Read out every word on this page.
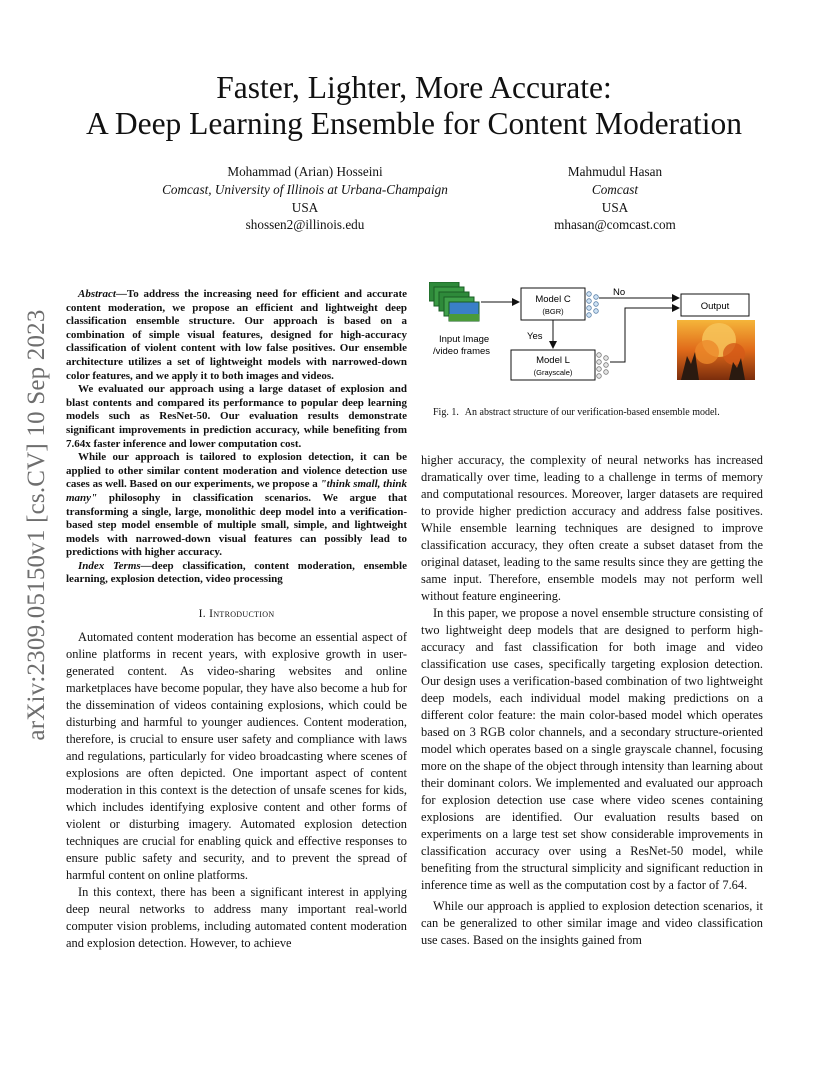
arXiv:2309.05150v1 [cs.CV] 10 Sep 2023
Faster, Lighter, More Accurate:
A Deep Learning Ensemble for Content Moderation
Mohammad (Arian) Hosseini
Comcast, University of Illinois at Urbana-Champaign
USA
shossen2@illinois.edu
Mahmudul Hasan
Comcast
USA
mhasan@comcast.com

Abstract—To address the increasing need for efficient and accurate content moderation, we propose an efficient and lightweight deep classification ensemble structure. Our approach is based on a combination of simple visual features, designed for high-accuracy classification of violent content with low false positives. Our ensemble architecture utilizes a set of lightweight models with narrowed-down color features, and we apply it to both images and videos.

We evaluated our approach using a large dataset of explosion and blast contents and compared its performance to popular deep learning models such as ResNet-50. Our evaluation results demonstrate significant improvements in prediction accuracy, while benefiting from 7.64x faster inference and lower computation cost.

While our approach is tailored to explosion detection, it can be applied to other similar content moderation and violence detection use cases as well. Based on our experiments, we propose a "think small, think many" philosophy in classification scenarios. We argue that transforming a single, large, monolithic deep model into a verification-based step model ensemble of multiple small, simple, and lightweight models with narrowed-down visual features can possibly lead to predictions with higher accuracy.

Index Terms—deep classification, content moderation, ensemble learning, explosion detection, video processing

I. Introduction

Automated content moderation has become an essential aspect of online platforms in recent years, with explosive growth in user-generated content. As video-sharing websites and online marketplaces have become popular, they have also become a hub for the dissemination of videos containing explosions, which could be disturbing and harmful to younger audiences. Content moderation, therefore, is crucial to ensure user safety and compliance with laws and regulations, particularly for video broadcasting where scenes of explosions are often depicted. One important aspect of content moderation in this context is the detection of unsafe scenes for kids, which includes identifying explosive content and other forms of violent or disturbing imagery. Automated explosion detection techniques are crucial for enabling quick and effective responses to ensure public safety and security, and to prevent the spread of harmful content on online platforms.

In this context, there has been a significant interest in applying deep neural networks to address many important real-world computer vision problems, including automated content moderation and explosion detection. However, to achieve

Input Image
/video frames
Model C
(BGR)
No
Output
Yes
Model L
(Grayscale)
Fig. 1. An abstract structure of our verification-based ensemble model.

higher accuracy, the complexity of neural networks has increased dramatically over time, leading to a challenge in terms of memory and computational resources. Moreover, larger datasets are required to provide higher prediction accuracy and address false positives. While ensemble learning techniques are designed to improve classification accuracy, they often create a subset dataset from the original dataset, leading to the same results since they are getting the same input. Therefore, ensemble models may not perform well without feature engineering.

In this paper, we propose a novel ensemble structure consisting of two lightweight deep models that are designed to perform high-accuracy and fast classification for both image and video classification use cases, specifically targeting explosion detection. Our design uses a verification-based combination of two lightweight deep models, each individual model making predictions on a different color feature: the main color-based model which operates based on 3 RGB color channels, and a secondary structure-oriented model which operates based on a single grayscale channel, focusing more on the shape of the object through intensity than learning about their dominant colors. We implemented and evaluated our approach for explosion detection use case where video scenes containing explosions are identified. Our evaluation results based on experiments on a large test set show considerable improvements in classification accuracy over using a ResNet-50 model, while benefiting from the structural simplicity and significant reduction in inference time as well as the computation cost by a factor of 7.64.

While our approach is applied to explosion detection scenarios, it can be generalized to other similar image and video classification use cases. Based on the insights gained from
